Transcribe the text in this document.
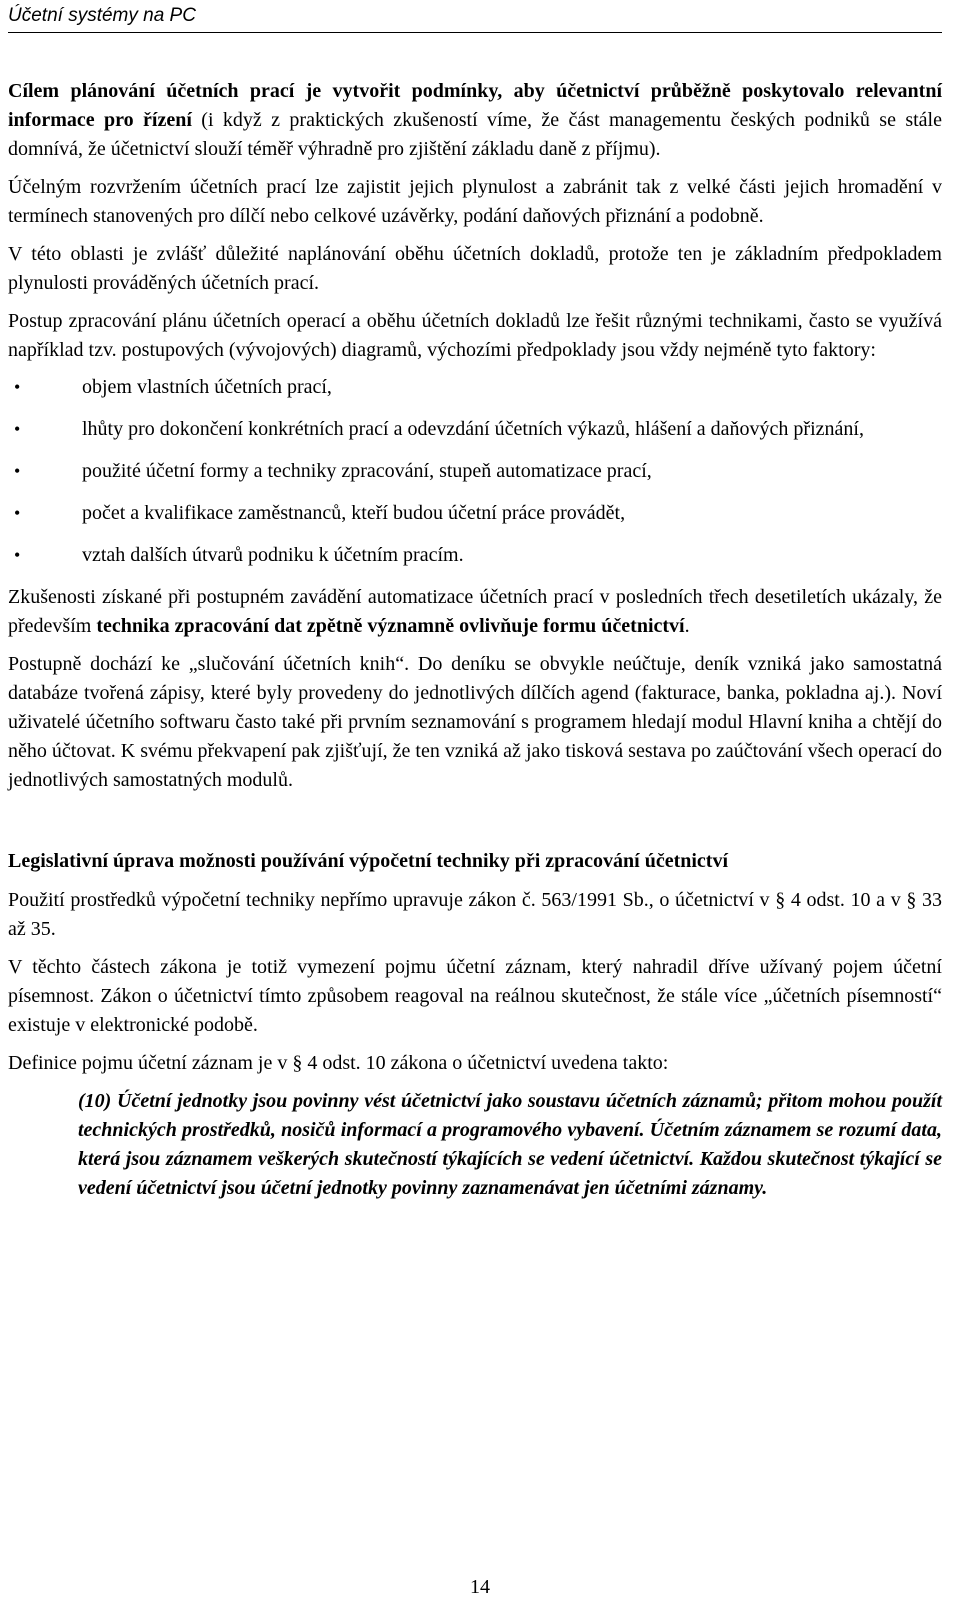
Účetní systémy na PC

Cílem plánování účetních prací je vytvořit podmínky, aby účetnictví průběžně poskytovalo relevantní informace pro řízení (i když z praktických zkušeností víme, že část managementu českých podniků se stále domnívá, že účetnictví slouží téměř výhradně pro zjištění základu daně z příjmu).

Účelným rozvržením účetních prací lze zajistit jejich plynulost a zabránit tak z velké části jejich hromadění v termínech stanovených pro dílčí nebo celkové uzávěrky, podání daňových přiznání a podobně.

V této oblasti je zvlášť důležité naplánování oběhu účetních dokladů, protože ten je základním předpokladem plynulosti prováděných účetních prací.

Postup zpracování plánu účetních operací a oběhu účetních dokladů lze řešit různými technikami, často se využívá například tzv. postupových (vývojových) diagramů, výchozími předpoklady jsou vždy nejméně tyto faktory:

•	objem vlastních účetních prací,
•	lhůty pro dokončení konkrétních prací a odevzdání účetních výkazů, hlášení a daňových přiznání,
•	použité účetní formy a techniky zpracování, stupeň automatizace prací,
•	počet a kvalifikace zaměstnanců, kteří budou účetní práce provádět,
•	vztah dalších útvarů podniku k účetním pracím.

Zkušenosti získané při postupném zavádění automatizace účetních prací v posledních třech desetiletích ukázaly, že především technika zpracování dat zpětně významně ovlivňuje formu účetnictví.

Postupně dochází ke „slučování účetních knih“. Do deníku se obvykle neúčtuje, deník vzniká jako samostatná databáze tvořená zápisy, které byly provedeny do jednotlivých dílčích agend (fakturace, banka, pokladna aj.). Noví uživatelé účetního softwaru často také při prvním seznamování s programem hledají modul Hlavní kniha a chtějí do něho účtovat. K svému překvapení pak zjišťují, že ten vzniká až jako tisková sestava po zaúčtování všech operací do jednotlivých samostatných modulů.

Legislativní úprava možnosti používání výpočetní techniky při zpracování účetnictví

Použití prostředků výpočetní techniky nepřímo upravuje zákon č. 563/1991 Sb., o účetnictví v § 4 odst. 10 a v § 33 až 35.

V těchto částech zákona je totiž vymezení pojmu účetní záznam, který nahradil dříve užívaný pojem účetní písemnost. Zákon o účetnictví tímto způsobem reagoval na reálnou skutečnost, že stále více „účetních písemností“ existuje v elektronické podobě.

Definice pojmu účetní záznam je v § 4 odst. 10 zákona o účetnictví uvedena takto:

(10) Účetní jednotky jsou povinny vést účetnictví jako soustavu účetních záznamů; přitom mohou použít technických prostředků, nosičů informací a programového vybavení. Účetním záznamem se rozumí data, která jsou záznamem veškerých skutečností týkajících se vedení účetnictví. Každou skutečnost týkající se vedení účetnictví jsou účetní jednotky povinny zaznamenávat jen účetními záznamy.

14
